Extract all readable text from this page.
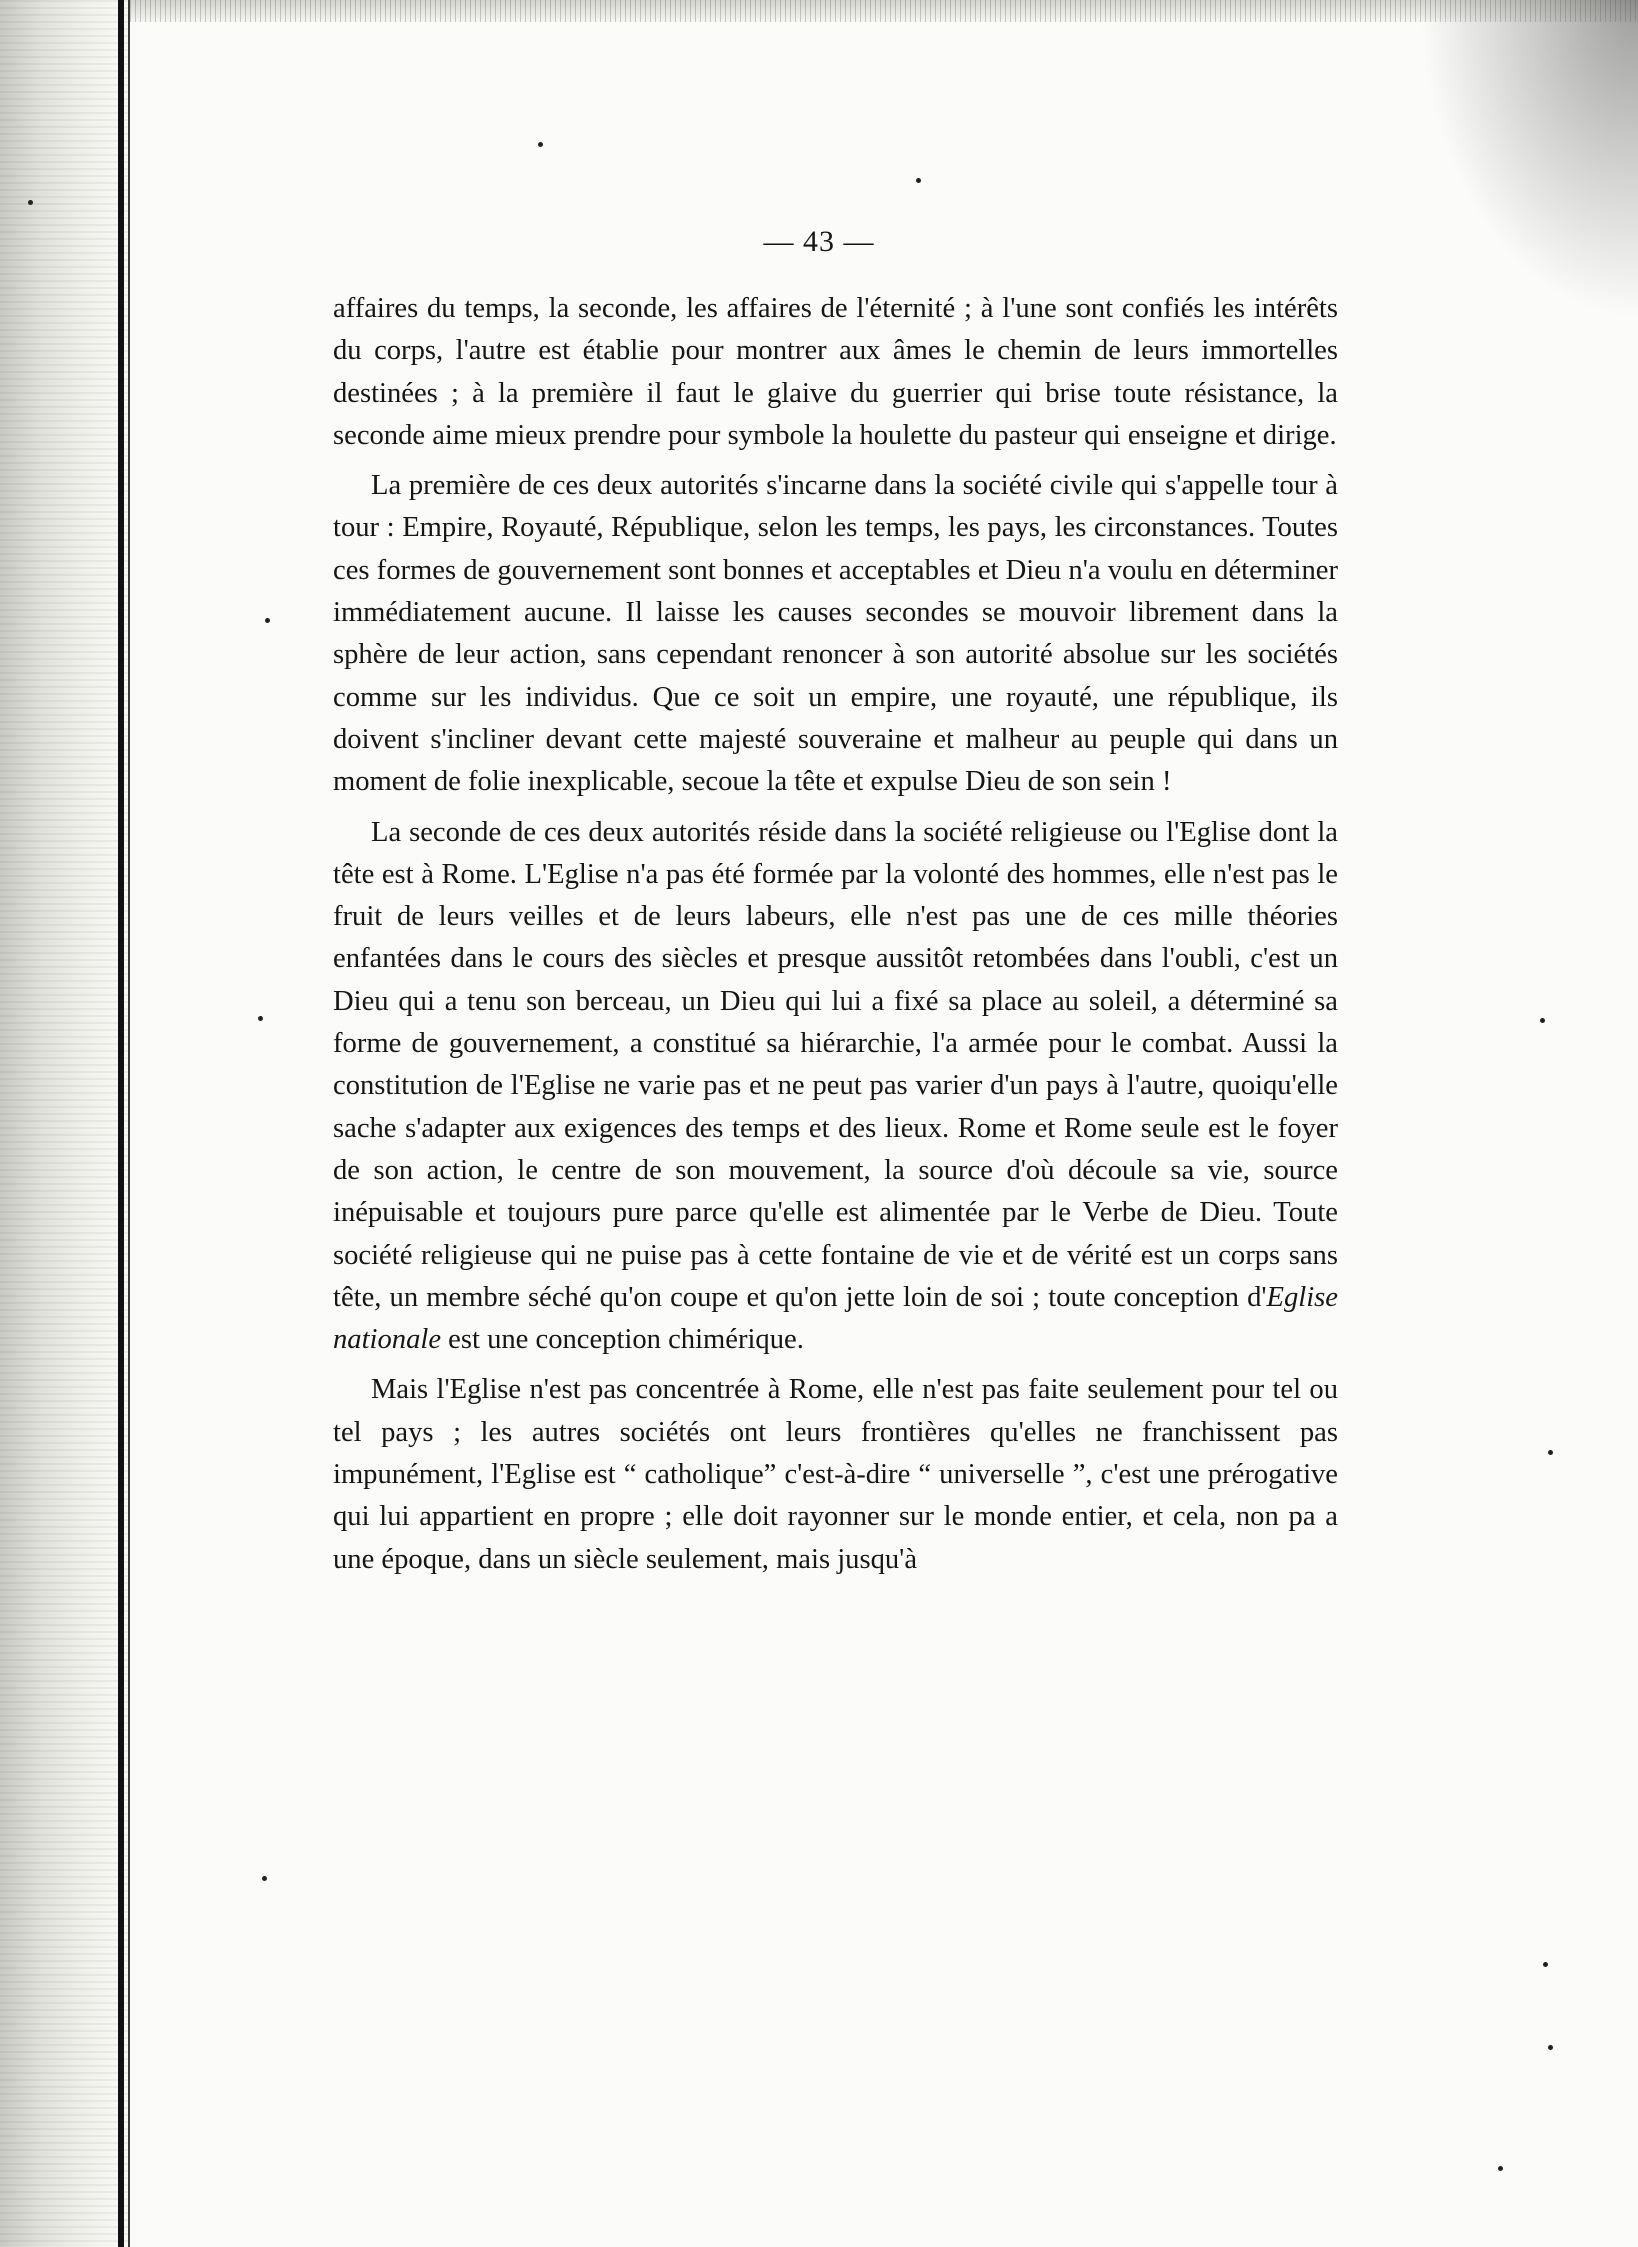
— 43 —

affaires du temps, la seconde, les affaires de l'éternité ; à l'une sont confiés les intérêts du corps, l'autre est établie pour montrer aux âmes le chemin de leurs immortelles destinées ; à la première il faut le glaive du guerrier qui brise toute résistance, la seconde aime mieux prendre pour symbole la houlette du pasteur qui enseigne et dirige.

La première de ces deux autorités s'incarne dans la société civile qui s'appelle tour à tour : Empire, Royauté, République, selon les temps, les pays, les circonstances. Toutes ces formes de gouvernement sont bonnes et acceptables et Dieu n'a voulu en déterminer immédiatement aucune. Il laisse les causes secondes se mouvoir librement dans la sphère de leur action, sans cependant renoncer à son autorité absolue sur les sociétés comme sur les individus. Que ce soit un empire, une royauté, une république, ils doivent s'incliner devant cette majesté souveraine et malheur au peuple qui dans un moment de folie inexplicable, secoue la tête et expulse Dieu de son sein !

La seconde de ces deux autorités réside dans la société religieuse ou l'Eglise dont la tête est à Rome. L'Eglise n'a pas été formée par la volonté des hommes, elle n'est pas le fruit de leurs veilles et de leurs labeurs, elle n'est pas une de ces mille théories enfantées dans le cours des siècles et presque aussitôt retombées dans l'oubli, c'est un Dieu qui a tenu son berceau, un Dieu qui lui a fixé sa place au soleil, a déterminé sa forme de gouvernement, a constitué sa hiérarchie, l'a armée pour le combat. Aussi la constitution de l'Eglise ne varie pas et ne peut pas varier d'un pays à l'autre, quoiqu'elle sache s'adapter aux exigences des temps et des lieux. Rome et Rome seule est le foyer de son action, le centre de son mouvement, la source d'où découle sa vie, source inépuisable et toujours pure parce qu'elle est alimentée par le Verbe de Dieu. Toute société religieuse qui ne puise pas à cette fontaine de vie et de vérité est un corps sans tête, un membre séché qu'on coupe et qu'on jette loin de soi ; toute conception d'Eglise nationale est une conception chimérique.

Mais l'Eglise n'est pas concentrée à Rome, elle n'est pas faite seulement pour tel ou tel pays ; les autres sociétés ont leurs frontières qu'elles ne franchissent pas impunément, l'Eglise est “ catholique” c'est-à-dire “ universelle ”, c'est une prérogative qui lui appartient en propre ; elle doit rayonner sur le monde entier, et cela, non pa a une époque, dans un siècle seulement, mais jusqu'à
